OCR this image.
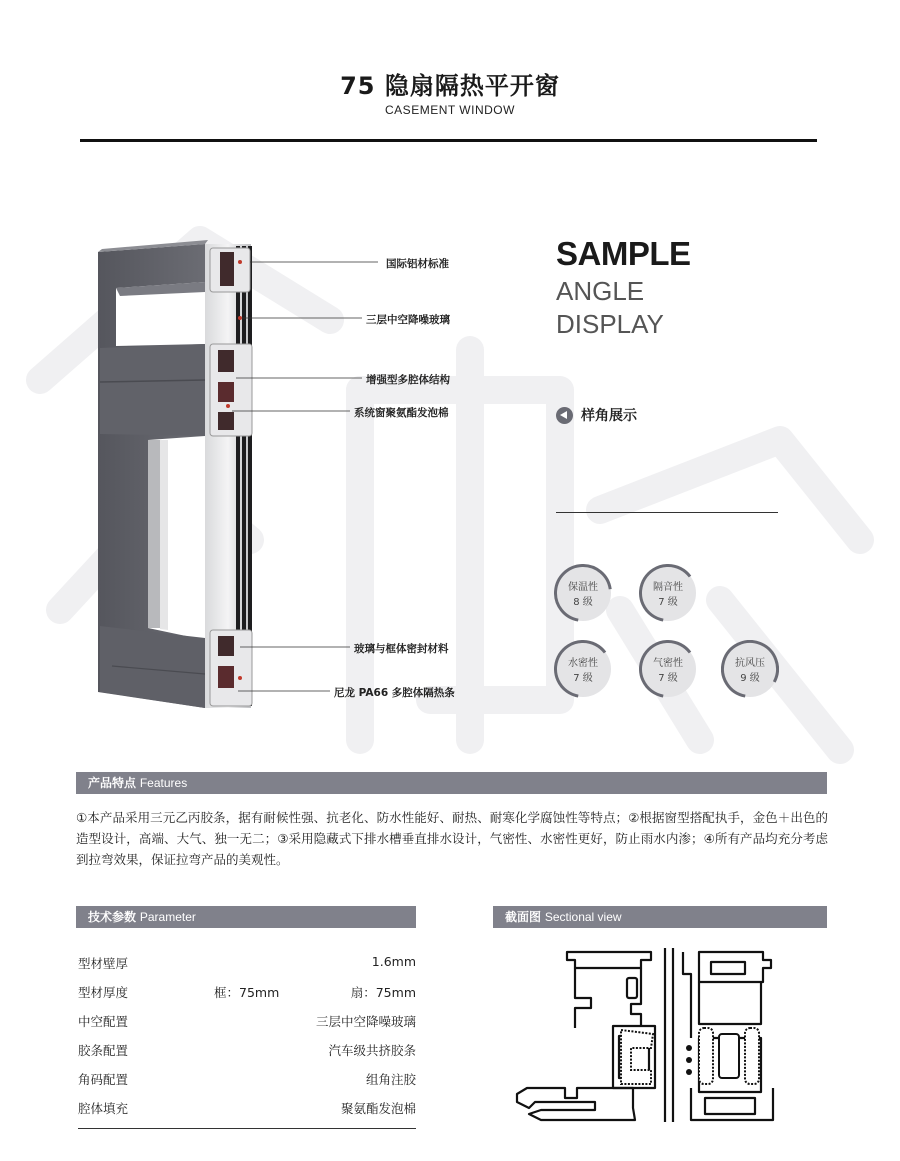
75 隐扇隔热平开窗
CASEMENT WINDOW
国际铝材标准
三层中空降噪玻璃
增强型多腔体结构
系统窗聚氨酯发泡棉
玻璃与框体密封材料
尼龙 PA66 多腔体隔热条
SAMPLE
ANGLE
DISPLAY
样角展示
保温性
8 级
隔音性
7 级
水密性
7 级
气密性
7 级
抗风压
9 级
产品特点 Features
①本产品采用三元乙丙胶条，据有耐候性强、抗老化、防水性能好、耐热、耐寒化学腐蚀性等特点；②根据窗型搭配执手，金色＋出色的造型设计，高端、大气、独一无二；③采用隐藏式下排水槽垂直排水设计，气密性、水密性更好，防止雨水内渗；④所有产品均充分考虑到拉弯效果，保证拉弯产品的美观性。
技术参数 Parameter
型材壁厚	1.6mm
型材厚度	框：75mm	扇：75mm
中空配置	三层中空降噪玻璃
胶条配置	汽车级共挤胶条
角码配置	组角注胶
腔体填充	聚氨酯发泡棉
截面图 Sectional view
